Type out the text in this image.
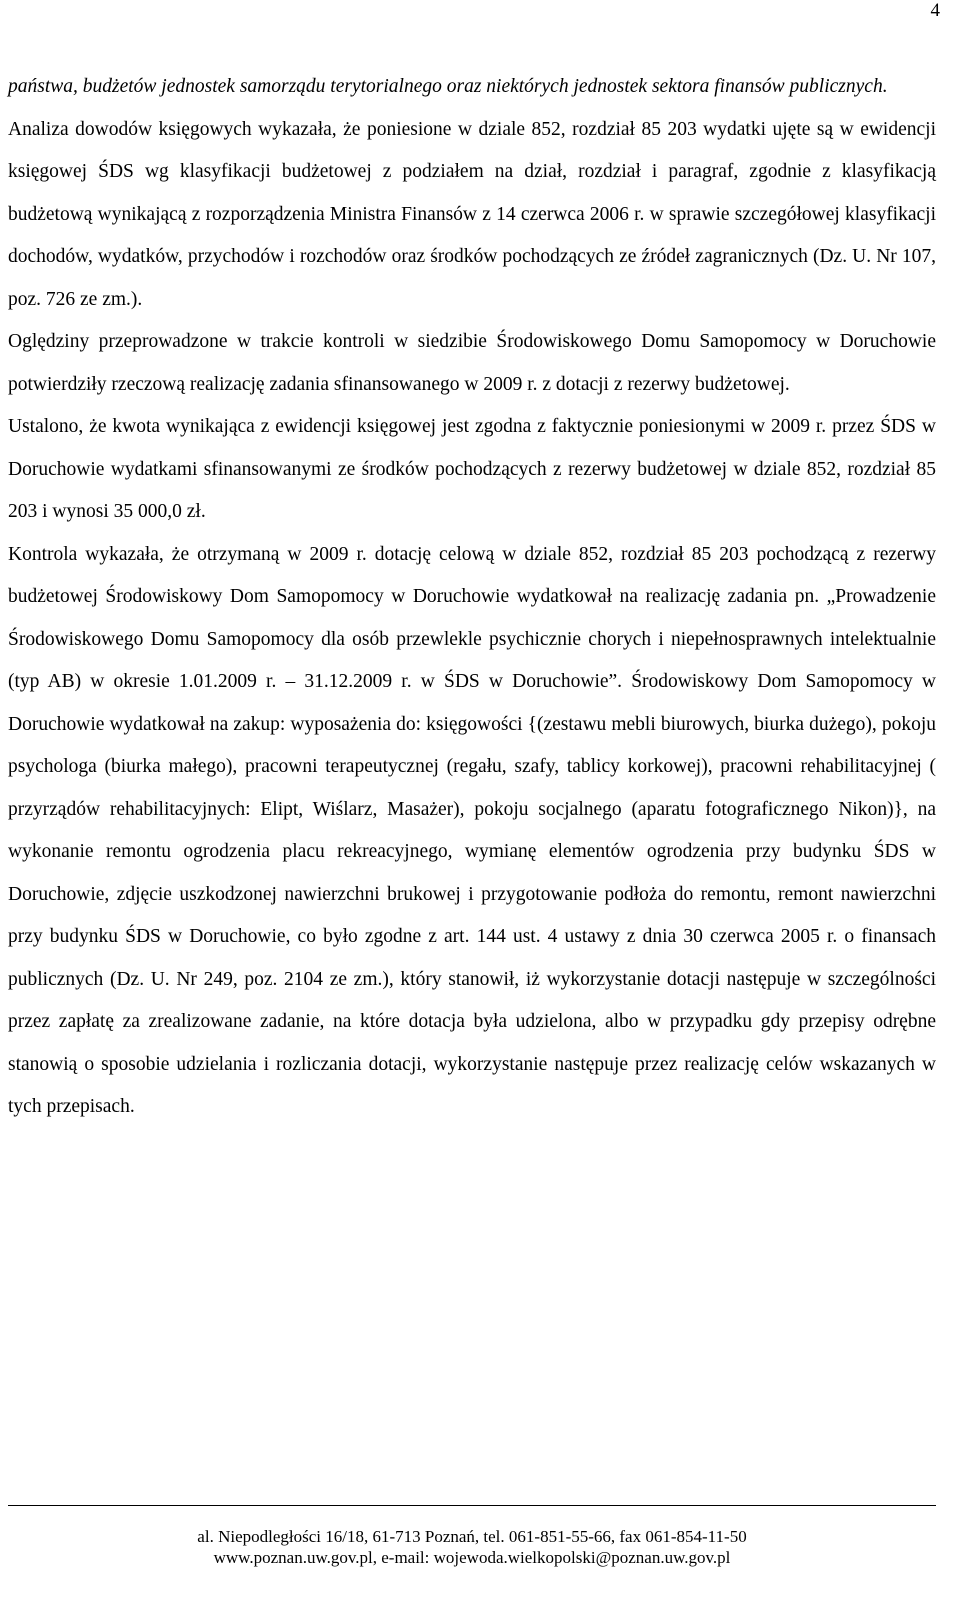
4

państwa, budżetów jednostek samorządu terytorialnego oraz niektórych jednostek sektora finansów publicznych.

Analiza dowodów księgowych wykazała, że poniesione w dziale 852, rozdział 85 203 wydatki ujęte są w ewidencji księgowej ŚDS wg klasyfikacji budżetowej z podziałem na dział, rozdział i paragraf, zgodnie z klasyfikacją budżetową wynikającą z rozporządzenia Ministra Finansów z 14 czerwca 2006 r. w sprawie szczegółowej klasyfikacji dochodów, wydatków, przychodów i rozchodów oraz środków pochodzących ze źródeł zagranicznych (Dz. U. Nr 107, poz. 726 ze zm.).

Oględziny przeprowadzone w trakcie kontroli w siedzibie Środowiskowego Domu Samopomocy w Doruchowie potwierdziły rzeczową realizację zadania sfinansowanego w 2009 r. z dotacji z rezerwy budżetowej.

Ustalono, że kwota wynikająca z ewidencji księgowej jest zgodna z faktycznie poniesionymi w 2009 r. przez ŚDS w Doruchowie wydatkami sfinansowanymi ze środków pochodzących z rezerwy budżetowej w dziale 852, rozdział 85 203 i wynosi 35 000,0 zł.

Kontrola wykazała, że otrzymaną w 2009 r. dotację celową w dziale 852, rozdział 85 203 pochodzącą z rezerwy budżetowej Środowiskowy Dom Samopomocy w Doruchowie wydatkował na realizację zadania pn. „Prowadzenie Środowiskowego Domu Samopomocy dla osób przewlekle psychicznie chorych i niepełnosprawnych intelektualnie (typ AB) w okresie 1.01.2009 r. – 31.12.2009 r. w ŚDS w Doruchowie”. Środowiskowy Dom Samopomocy w Doruchowie wydatkował na zakup: wyposażenia do: księgowości {(zestawu mebli biurowych, biurka dużego), pokoju psychologa (biurka małego), pracowni terapeutycznej (regału, szafy, tablicy korkowej), pracowni rehabilitacyjnej ( przyrządów rehabilitacyjnych: Elipt, Wiślarz, Masażer), pokoju socjalnego (aparatu fotograficznego Nikon)}, na wykonanie remontu ogrodzenia placu rekreacyjnego, wymianę elementów ogrodzenia przy budynku ŚDS w Doruchowie, zdjęcie uszkodzonej nawierzchni brukowej i przygotowanie podłoża do remontu, remont nawierzchni przy budynku ŚDS w Doruchowie, co było zgodne z art. 144 ust. 4 ustawy z dnia 30 czerwca 2005 r. o finansach publicznych (Dz. U. Nr 249, poz. 2104 ze zm.), który stanowił, iż wykorzystanie dotacji następuje w szczególności przez zapłatę za zrealizowane zadanie, na które dotacja była udzielona, albo w przypadku gdy przepisy odrębne stanowią o sposobie udzielania i rozliczania dotacji, wykorzystanie następuje przez realizację celów wskazanych w tych przepisach.

al. Niepodległości 16/18, 61-713 Poznań, tel. 061-851-55-66, fax 061-854-11-50
www.poznan.uw.gov.pl, e-mail: wojewoda.wielkopolski@poznan.uw.gov.pl
